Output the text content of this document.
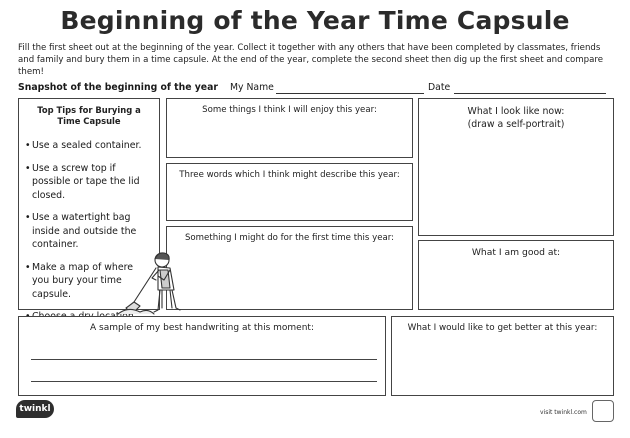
Beginning of the Year Time Capsule
Fill the first sheet out at the beginning of the year. Collect it together with any others that have been completed by classmates, friends and family and bury them in a time capsule. At the end of the year, complete the second sheet then dig up the first sheet and compare them!
Snapshot of the beginning of the year My Name	Date
Top Tips for Burying a Time Capsule
• Use a sealed container.
• Use a screw top if possible or tape the lid closed.
• Use a watertight bag inside and outside the container.
• Make a map of where you bury your time capsule.
•
Some things I think I will enjoy this year:
Three words which I think might describe this year:
Something I might do for the first time this year:
What I look like now:
(draw a self-portrait)
What I am good at:
A sample of my best handwriting at this moment:	What I would like to get better at this year:
twinkl	visit twinkl.com
